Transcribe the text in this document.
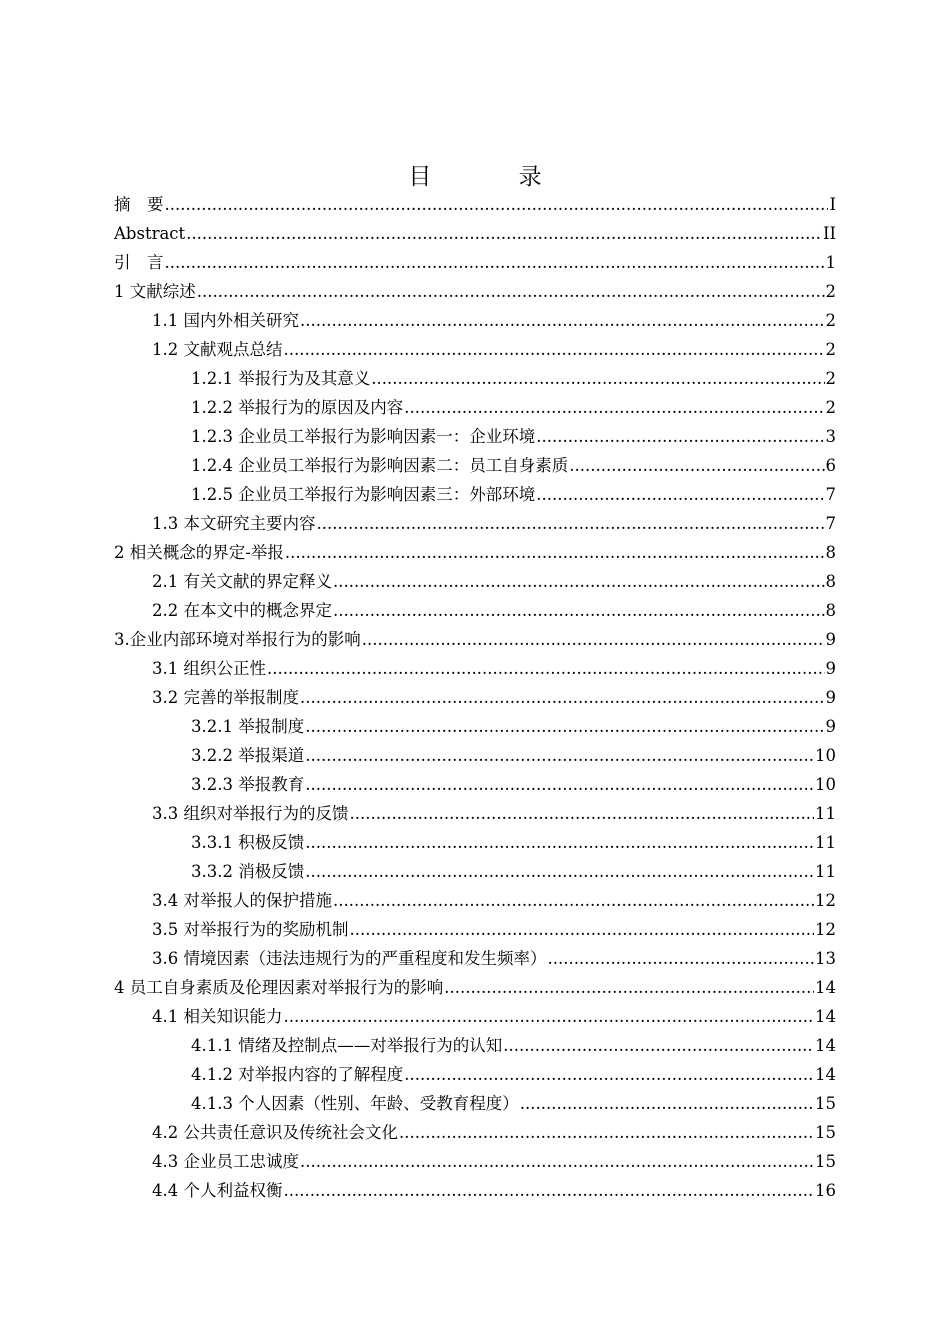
目 录
摘　要 .....	I
Abstract .....	II
引　言 .....	1
1 文献综述 .....	2
1.1 国内外相关研究 .....	2
1.2 文献观点总结 .....	2
1.2.1 举报行为及其意义 .....	2
1.2.2 举报行为的原因及内容 .....	2
1.2.3 企业员工举报行为影响因素一：企业环境 .....	3
1.2.4 企业员工举报行为影响因素二：员工自身素质 .....	6
1.2.5 企业员工举报行为影响因素三：外部环境 .....	7
1.3 本文研究主要内容 .....	7
2 相关概念的界定-举报 .....	8
2.1 有关文献的界定释义 .....	8
2.2 在本文中的概念界定 .....	8
3.企业内部环境对举报行为的影响 .....	9
3.1 组织公正性 .....	9
3.2 完善的举报制度 .....	9
3.2.1 举报制度 .....	9
3.2.2 举报渠道 .....	10
3.2.3 举报教育 .....	10
3.3 组织对举报行为的反馈 .....	11
3.3.1 积极反馈 .....	11
3.3.2 消极反馈 .....	11
3.4 对举报人的保护措施 .....	12
3.5 对举报行为的奖励机制 .....	12
3.6 情境因素（违法违规行为的严重程度和发生频率） .....	13
4 员工自身素质及伦理因素对举报行为的影响 .....	14
4.1 相关知识能力 .....	14
4.1.1 情绪及控制点——对举报行为的认知 .....	14
4.1.2 对举报内容的了解程度 .....	14
4.1.3 个人因素（性别、年龄、受教育程度） .....	15
4.2 公共责任意识及传统社会文化 .....	15
4.3 企业员工忠诚度 .....	15
4.4 个人利益权衡 .....	16
